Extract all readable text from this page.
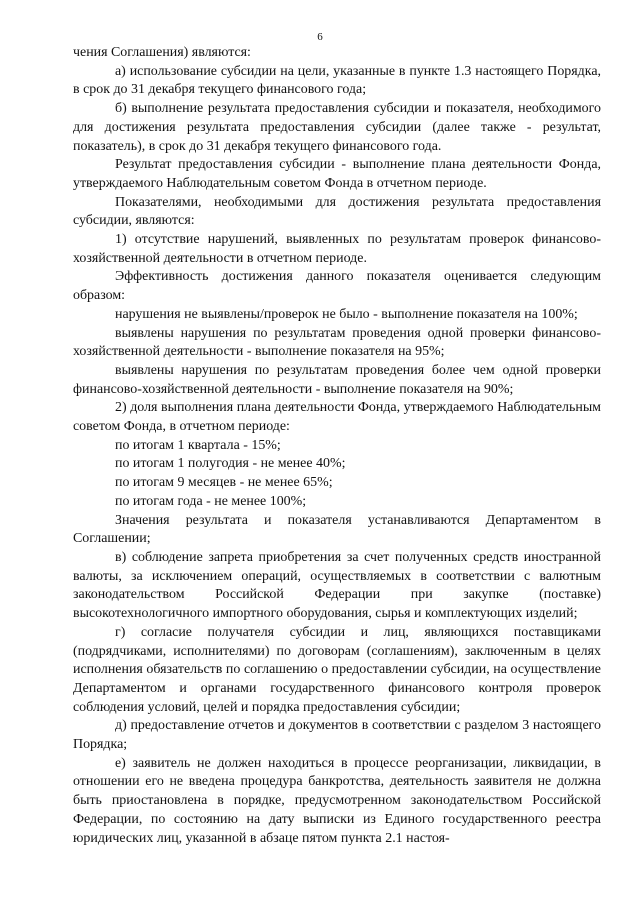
6

чения Соглашения) являются:

а) использование субсидии на цели, указанные в пункте 1.3 настоящего Порядка, в срок до 31 декабря текущего финансового года;

б) выполнение результата предоставления субсидии и показателя, необходимого для достижения результата предоставления субсидии (далее также - результат, показатель), в срок до 31 декабря текущего финансового года.

Результат предоставления субсидии - выполнение плана деятельности Фонда, утверждаемого Наблюдательным советом Фонда в отчетном периоде.

Показателями, необходимыми для достижения результата предоставления субсидии, являются:

1) отсутствие нарушений, выявленных по результатам проверок финансово-хозяйственной деятельности в отчетном периоде.

Эффективность достижения данного показателя оценивается следующим образом:

нарушения не выявлены/проверок не было - выполнение показателя на 100%;

выявлены нарушения по результатам проведения одной проверки финансово-хозяйственной деятельности - выполнение показателя на 95%;

выявлены нарушения по результатам проведения более чем одной проверки финансово-хозяйственной деятельности - выполнение показателя на 90%;

2) доля выполнения плана деятельности Фонда, утверждаемого Наблюдательным советом Фонда, в отчетном периоде:

по итогам 1 квартала - 15%;

по итогам 1 полугодия - не менее 40%;

по итогам 9 месяцев - не менее 65%;

по итогам года - не менее 100%;

Значения результата и показателя устанавливаются Департаментом в Соглашении;

в) соблюдение запрета приобретения за счет полученных средств иностранной валюты, за исключением операций, осуществляемых в соответствии с валютным законодательством Российской Федерации при закупке (поставке) высокотехнологичного импортного оборудования, сырья и комплектующих изделий;

г) согласие получателя субсидии и лиц, являющихся поставщиками (подрядчиками, исполнителями) по договорам (соглашениям), заключенным в целях исполнения обязательств по соглашению о предоставлении субсидии, на осуществление Департаментом и органами государственного финансового контроля проверок соблюдения условий, целей и порядка предоставления субсидии;

д) предоставление отчетов и документов в соответствии с разделом 3 настоящего Порядка;

е) заявитель не должен находиться в процессе реорганизации, ликвидации, в отношении его не введена процедура банкротства, деятельность заявителя не должна быть приостановлена в порядке, предусмотренном законодательством Российской Федерации, по состоянию на дату выписки из Единого государственного реестра юридических лиц, указанной в абзаце пятом пункта 2.1 настоя-
